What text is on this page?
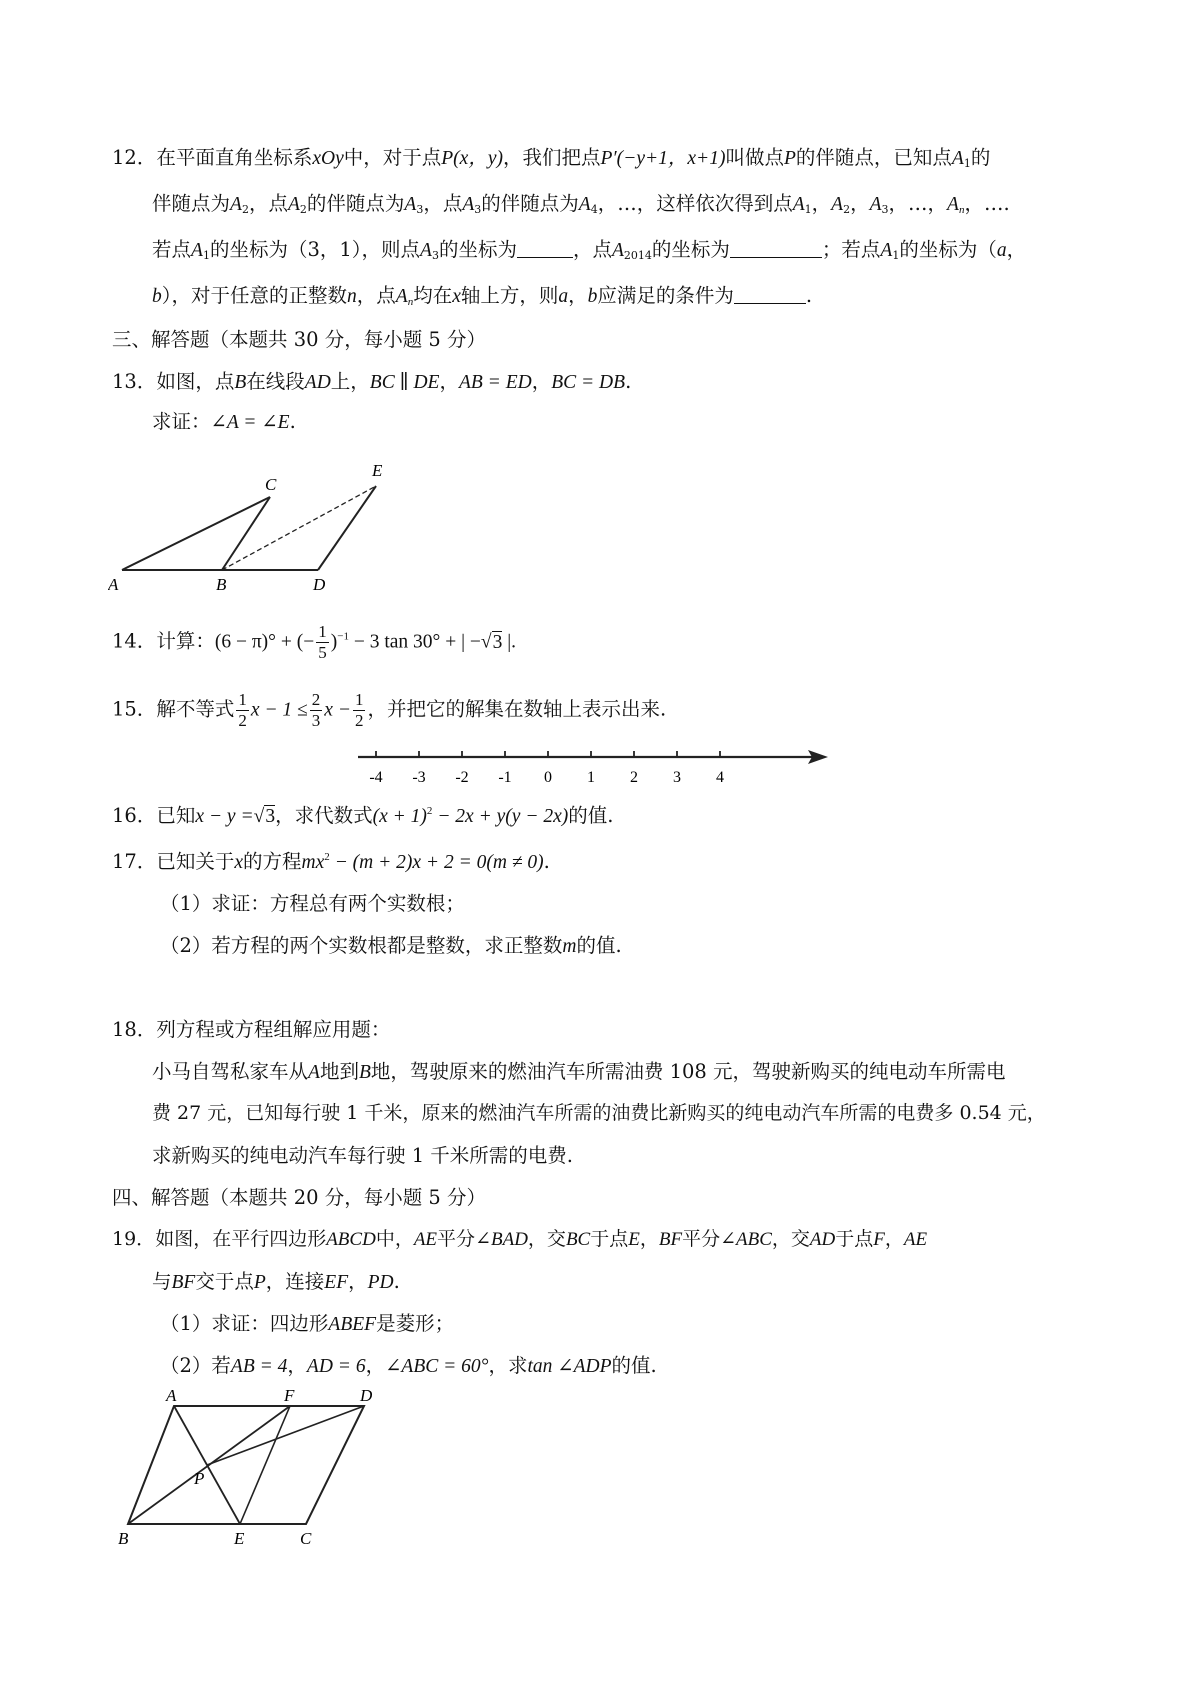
12．在平面直角坐标系xOy中，对于点P(x，y)，我们把点P′(−y+1，x+1)叫做点P的伴随点，已知点$A_1$的
伴随点为$A_2$，点$A_2$的伴随点为$A_3$，点$A_3$的伴随点为$A_4$，…，这样依次得到点$A_1$，$A_2$，$A_3$，…，$A_n$，….
若点$A_1$的坐标为（3，1），则点$A_3$的坐标为	，点$A_{2014}$的坐标为	；若点$A_1$的坐标为（a，
b），对于任意的正整数n，点$A_n$均在x轴上方，则a，b应满足的条件为	.
三、解答题（本题共 30 分，每小题 5 分）
13．如图，点B在线段AD上，BC ∥ DE，AB = ED，BC = DB.
求证：∠A = ∠E.
A	B
C
D
E
14．计算：(6 − π)° + (− $\frac{1}{5} )^{-1} - 3$ tan 30° + | −√3 |.
15．解不等式 $\frac{1}{2}$ $x - 1 \le \frac{2}{3}$ $x - \frac{1}{2}$ ，并把它的解集在数轴上表示出来.
-4 -3 -2 -1 0 1 2 3 4
16．已知x − y =√3，求代数式$(x + 1)^2 - 2x + y(y - 2x)$的值.
17．已知关于x的方程$mx^2 - (m + 2)x + 2 = 0(m \ne 0)$.
（1）求证：方程总有两个实数根；
（2）若方程的两个实数根都是整数，求正整数m的值.
18．列方程或方程组解应用题：
小马自驾私家车从A地到B地，驾驶原来的燃油汽车所需油费 108 元，驾驶新购买的纯电动车所需电
费 27 元，已知每行驶 1 千米，原来的燃油汽车所需的油费比新购买的纯电动汽车所需的电费多 0.54 元，
求新购买的纯电动汽车每行驶 1 千米所需的电费.
四、解答题（本题共 20 分，每小题 5 分）
19．如图，在平行四边形ABCD中，AE平分∠BAD，交BC于点E，BF平分∠ABC，交AD于点F，AE
与BF交于点P，连接EF，PD.
（1）求证：四边形ABEF是菱形；
（2）若AB = 4，AD = 6，∠ABC = 60°，求tan ∠ADP的值.
A	F	D
P
B	E	C
